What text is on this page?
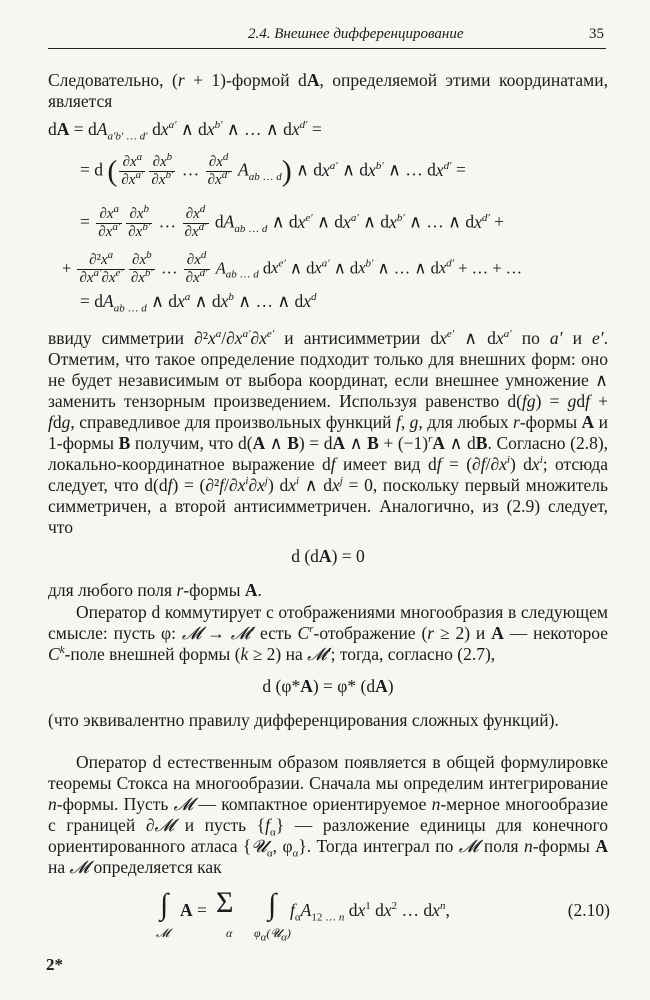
2.4. Внешнее дифференцирование	35
Следовательно, (r + 1)-формой dA, определяемой этими координатами, является
dA = $dA_{a'b' \dots d'}$ $dx^{a'}$ ∧ $dx^{b'}$ ∧ … ∧ $dx^{d'}$ =
= d ( $\frac{\partial x^a}{\partial x^{a'}} \frac{\partial x^b}{\partial x^{b'}}$ … $\frac{\partial x^d}{\partial x^{d'}} A_{ab \dots d}$) ∧ $dx^{a'}$ ∧ $dx^{b'}$ ∧ … $dx^{d'}$ =
= $\frac{\partial x^a}{\partial x^{a'}} \frac{\partial x^b}{\partial x^{b'}}$ … $\frac{\partial x^d}{\partial x^{d'}} dA_{ab \dots d}$ ∧ $dx^{e'}$ ∧ $dx^{a'}$ ∧ $dx^{b'}$ ∧ … ∧ $dx^{d'}$ +
+ $\frac{\partial^2x^a}{\partial x^{a'}\partial x^{e'}} \frac{\partial x^b}{\partial x^{b'}}$ … $\frac{\partial x^d}{\partial x^{d'}} A_{ab \dots d}$ $dx^{e'}$ ∧ $dx^{a'}$ ∧ $dx^{b'}$ ∧ … ∧ $dx^{d'}$ + … + …
= $dA_{ab \dots d}$ ∧ $dx^a$ ∧ $dx^b$ ∧ … ∧ $dx^d$
ввиду симметрии $\partial^2x^a/\partial x^{a'}\partial x^{e'}$ и антисимметрии $dx^{e'}$ ∧ $dx^{a'}$ по a′ и e′. Отметим, что такое определение подходит только для внешних форм: оно не будет независимым от выбора координат, если внешнее умножение ∧ заменить тензорным произведением. Используя равенство d(fg) = gdf + fdg, справедливое для произвольных функций f, g, для любых r-формы A и 1-формы B получим, что d(A ∧ B) = dA ∧ $B + (-1)^rA$ ∧ dB. Согласно (2.8), локально-координатное выражение df имеет вид df = $(\partial f/\partial x^i)$ $dx^i$; отсюда следует, что $d(df) = (\partial^2f/\partial x^i\partial x^j)$ $dx^i$ ∧ $dx^j = 0$, поскольку первый множитель симметричен, а второй антисимметричен. Аналогично, из (2.9) следует, что
d (dA) = 0
для любого поля r-формы A.
Оператор d коммутирует с отображениями многообразия в следующем смысле: пусть φ: 𝓜 → 𝓜′ есть $C^r$-отображение (r ≥ 2) и A — некоторое $C^k$-поле внешней формы (k ≥ 2) на 𝓜′; тогда, согласно (2.7),
d (φ*A) = φ* (dA)
(что эквивалентно правилу дифференцирования сложных функций).
Оператор d естественным образом появляется в общей формулировке теоремы Стокса на многообразии. Сначала мы определим интегрирование n-формы. Пусть 𝓜 — компактное ориентируемое n-мерное многообразие с границей ∂𝓜 и пусть $\{f_\alpha\}$ — разложение единицы для конечного ориентированного атласа {𝓤$_\alpha$, $\varphi_\alpha$}. Тогда интеграл по 𝓜 поля n-формы A на 𝓜 определяется как
∫
𝓜
A = Σ
α
∫
$\varphi_\alpha(𝓤_\alpha)$
$f_\alpha A_{12 \dots n}$ $dx^1$ $dx^2$ … $dx^n$,	(2.10)
2*
